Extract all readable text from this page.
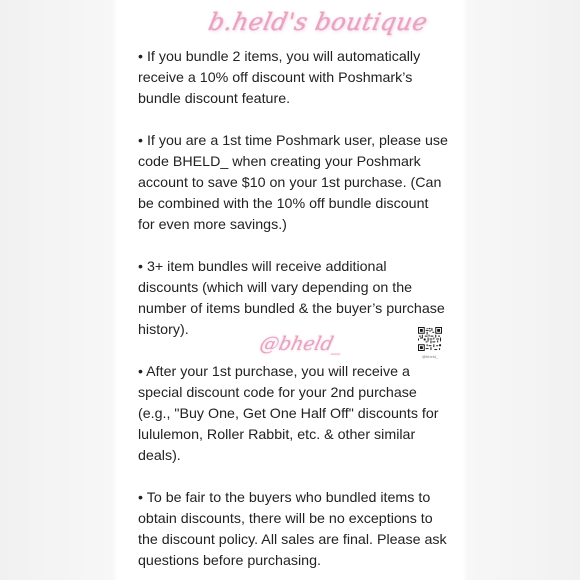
b.held's boutique
• If you bundle 2 items, you will automatically
receive a 10% off discount with Poshmark’s
bundle discount feature.
• If you are a 1st time Poshmark user, please use
code BHELD_ when creating your Poshmark
account to save $10 on your 1st purchase. (Can
be combined with the 10% off bundle discount
for even more savings.)
• 3+ item bundles will receive additional
discounts (which will vary depending on the
number of items bundled & the buyer’s purchase
history).
• After your 1st purchase, you will receive a
special discount code for your 2nd purchase
(e.g., "Buy One, Get One Half Off" discounts for
lululemon, Roller Rabbit, etc. & other similar
deals).
• To be fair to the buyers who bundled items to
obtain discounts, there will be no exceptions to
the discount policy. All sales are final. Please ask
questions before purchasing.
@bheld_
@bheld_
